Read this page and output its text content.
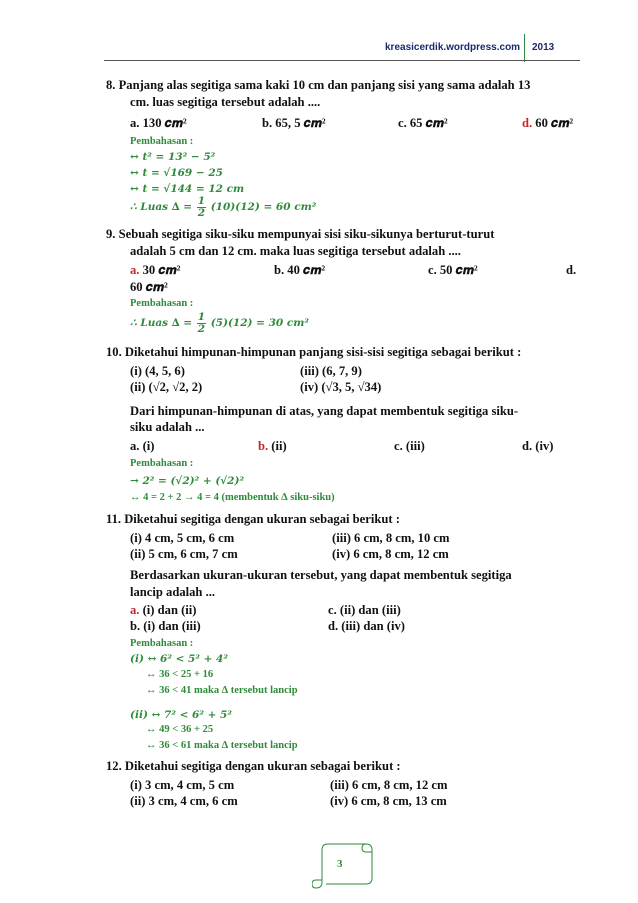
kreasicerdik.wordpress.com 2013
8. Panjang alas segitiga sama kaki 10 cm dan panjang sisi yang sama adalah 13
cm. luas segitiga tersebut adalah ....
a. 130 𝒄𝒎²	b. 65, 5 𝒄𝒎²	c. 65 𝒄𝒎²	d. 60 𝒄𝒎²
Pembahasan :
↔ 𝒕² = 13² − 5²
↔ 𝒕 = √169 − 25
↔ 𝒕 = √144 = 12 𝒄𝒎
∴ 𝑳𝒖𝒂𝒔 ∆ = $\frac{1}{2} (10)(12) = 60$ 𝒄𝒎²
9. Sebuah segitiga siku-siku mempunyai sisi siku-sikunya berturut-turut
adalah 5 cm dan 12 cm. maka luas segitiga tersebut adalah ....
a. 30 𝒄𝒎²	b. 40 𝒄𝒎²	c. 50 𝒄𝒎²	d.
60 𝒄𝒎²
Pembahasan :
∴ 𝑳𝒖𝒂𝒔 ∆ = $\frac{1}{2} (5)(12) = 30$ 𝒄𝒎²
10. Diketahui himpunan-himpunan panjang sisi-sisi segitiga sebagai berikut :
(i) (4, 5, 6)	(iii) (6, 7, 9)
(ii) (√2, √2, 2)	(iv) (√3, 5, √34)
Dari himpunan-himpunan di atas, yang dapat membentuk segitiga siku-
siku adalah ...
a. (i)	b. (ii)	c. (iii)	d. (iv)
Pembahasan :
→ 2² = (√2)² + (√2)²
↔ 4 = 2 + 2 → 4 = 4 (membentuk ∆ siku-siku)
11. Diketahui segitiga dengan ukuran sebagai berikut :
(i) 4 cm, 5 cm, 6 cm	(iii) 6 cm, 8 cm, 10 cm
(ii) 5 cm, 6 cm, 7 cm	(iv) 6 cm, 8 cm, 12 cm
Berdasarkan ukuran-ukuran tersebut, yang dapat membentuk segitiga
lancip adalah ...
a. (i) dan (ii)	c. (ii) dan (iii)
b. (i) dan (iii)	d. (iii) dan (iv)
Pembahasan :
(i) ↔ 6² < 5² + 4²
↔ 36 < 25 + 16
↔ 36 < 41 maka ∆ tersebut lancip
(ii) ↔ 7² < 6² + 5²
↔ 49 < 36 + 25
↔ 36 < 61 maka ∆ tersebut lancip
12. Diketahui segitiga dengan ukuran sebagai berikut :
(i) 3 cm, 4 cm, 5 cm	(iii) 6 cm, 8 cm, 12 cm
(ii) 3 cm, 4 cm, 6 cm	(iv) 6 cm, 8 cm, 13 cm
3
